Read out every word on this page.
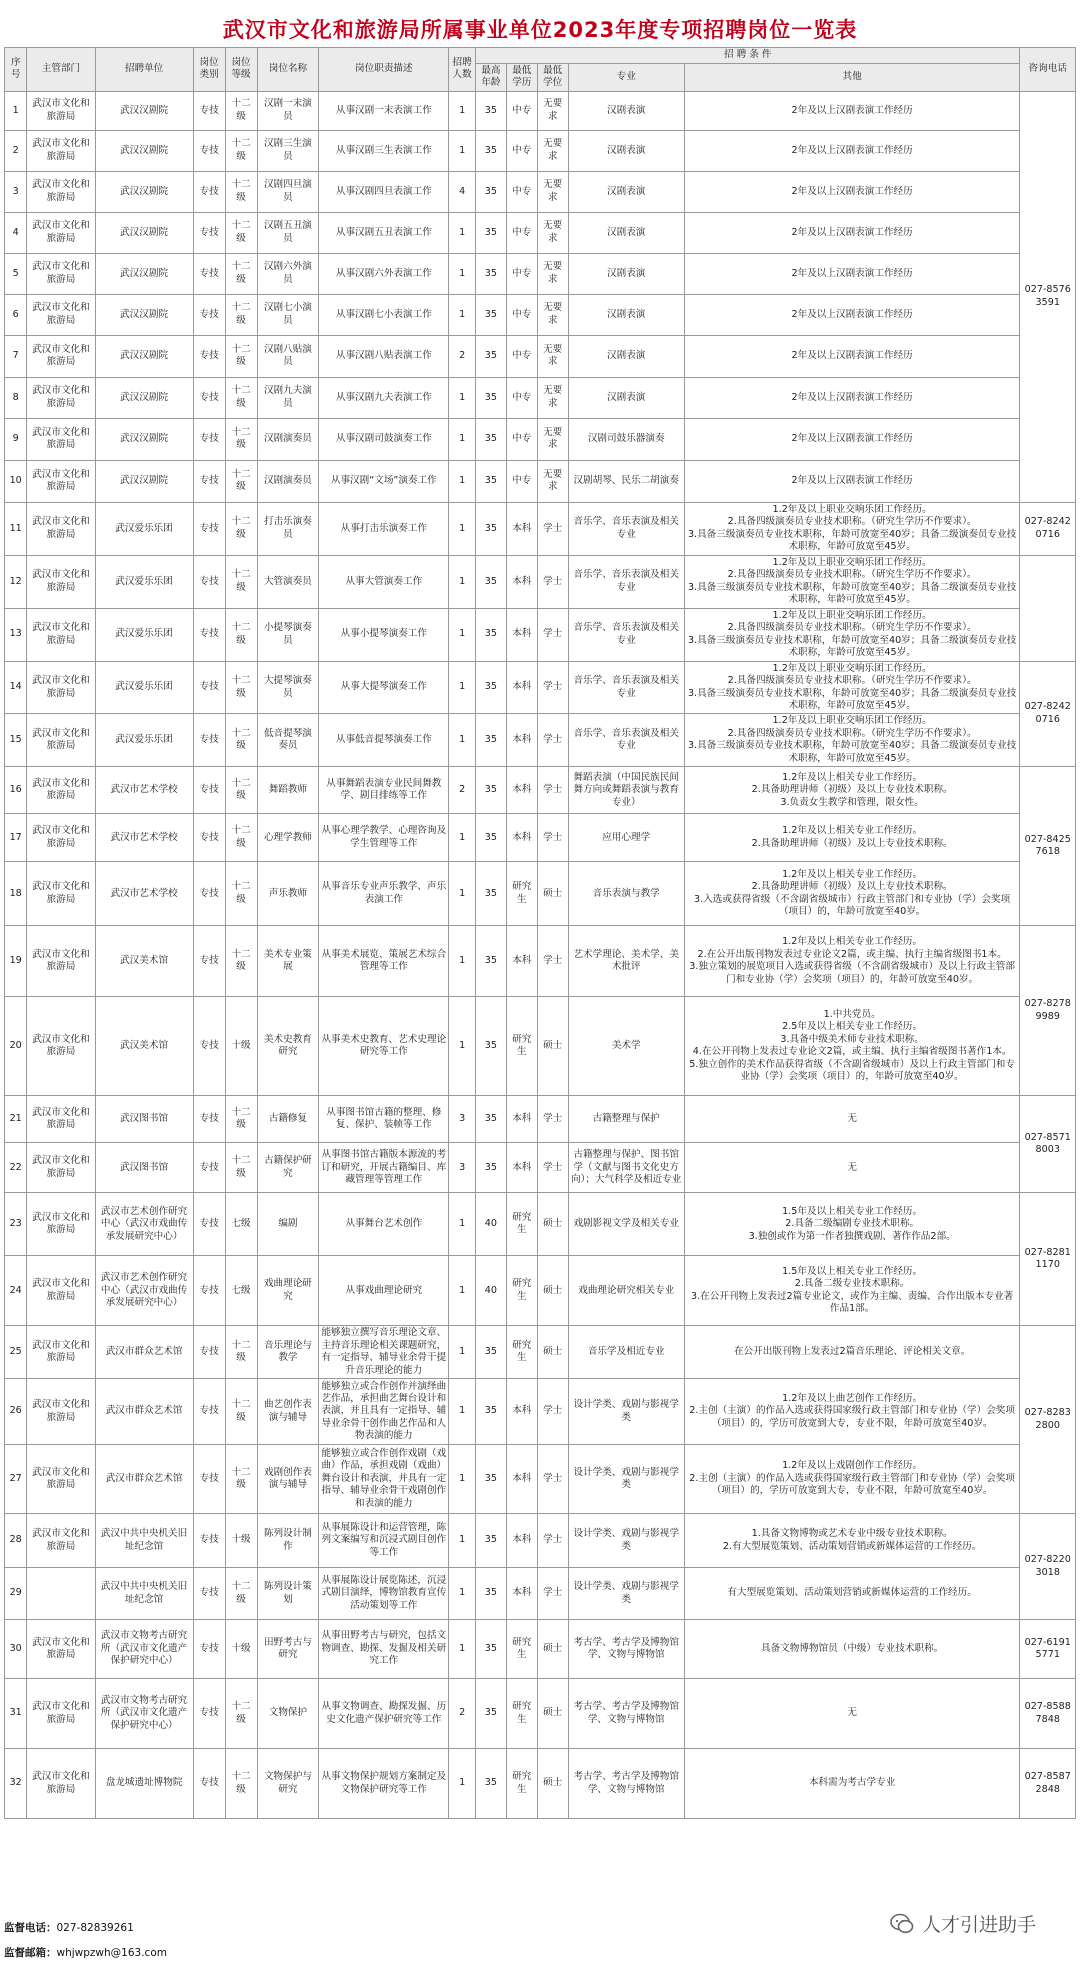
武汉市文化和旅游局所属事业单位2023年度专项招聘岗位一览表
序号	主管部门	招聘单位	岗位类别	岗位等级	岗位名称	岗位职责描述	招聘人数	招 聘 条 件					咨询电话
								最高年龄	最低学历	最低学位	专业	其他	
1	武汉市文化和旅游局	武汉汉剧院	专技	十二级	汉剧一末演员	从事汉剧一末表演工作	1	35	中专	无要求	汉剧表演	2年及以上汉剧表演工作经历	027-85763591
2	武汉市文化和旅游局	武汉汉剧院	专技	十二级	汉剧三生演员	从事汉剧三生表演工作	1	35	中专	无要求	汉剧表演	2年及以上汉剧表演工作经历	
3	武汉市文化和旅游局	武汉汉剧院	专技	十二级	汉剧四旦演员	从事汉剧四旦表演工作	4	35	中专	无要求	汉剧表演	2年及以上汉剧表演工作经历	
4	武汉市文化和旅游局	武汉汉剧院	专技	十二级	汉剧五丑演员	从事汉剧五丑表演工作	1	35	中专	无要求	汉剧表演	2年及以上汉剧表演工作经历	
5	武汉市文化和旅游局	武汉汉剧院	专技	十二级	汉剧六外演员	从事汉剧六外表演工作	1	35	中专	无要求	汉剧表演	2年及以上汉剧表演工作经历	
6	武汉市文化和旅游局	武汉汉剧院	专技	十二级	汉剧七小演员	从事汉剧七小表演工作	1	35	中专	无要求	汉剧表演	2年及以上汉剧表演工作经历	
7	武汉市文化和旅游局	武汉汉剧院	专技	十二级	汉剧八贴演员	从事汉剧八贴表演工作	2	35	中专	无要求	汉剧表演	2年及以上汉剧表演工作经历	
8	武汉市文化和旅游局	武汉汉剧院	专技	十二级	汉剧九夫演员	从事汉剧九夫表演工作	1	35	中专	无要求	汉剧表演	2年及以上汉剧表演工作经历	
9	武汉市文化和旅游局	武汉汉剧院	专技	十二级	汉剧演奏员	从事汉剧司鼓演奏工作	1	35	中专	无要求	汉剧司鼓乐器演奏	2年及以上汉剧表演工作经历	
10	武汉市文化和旅游局	武汉汉剧院	专技	十二级	汉剧演奏员	从事汉剧“文场”演奏工作	1	35	中专	无要求	汉剧胡琴、民乐二胡演奏	2年及以上汉剧表演工作经历	
11	武汉市文化和旅游局	武汉爱乐乐团	专技	十二级	打击乐演奏员	从事打击乐演奏工作	1	35	本科	学士	音乐学、音乐表演及相关专业	1.2年及以上职业交响乐团工作经历。
2.具备四级演奏员专业技术职称。（研究生学历不作要求）。
3.具备三级演奏员专业技术职称，年龄可放宽至40岁；具备二级演奏员专业技术职称，年龄可放宽至45岁。	027-82420716
12	武汉市文化和旅游局	武汉爱乐乐团	专技	十二级	大管演奏员	从事大管演奏工作	1	35	本科	学士	音乐学、音乐表演及相关专业	1.2年及以上职业交响乐团工作经历。
2.具备四级演奏员专业技术职称。（研究生学历不作要求）。
3.具备三级演奏员专业技术职称，年龄可放宽至40岁；具备二级演奏员专业技术职称，年龄可放宽至45岁。	
13	武汉市文化和旅游局	武汉爱乐乐团	专技	十二级	小提琴演奏员	从事小提琴演奏工作	1	35	本科	学士	音乐学、音乐表演及相关专业	1.2年及以上职业交响乐团工作经历。
2.具备四级演奏员专业技术职称。（研究生学历不作要求）。
3.具备三级演奏员专业技术职称，年龄可放宽至40岁；具备二级演奏员专业技术职称，年龄可放宽至45岁。	
14	武汉市文化和旅游局	武汉爱乐乐团	专技	十二级	大提琴演奏员	从事大提琴演奏工作	1	35	本科	学士	音乐学、音乐表演及相关专业	1.2年及以上职业交响乐团工作经历。
2.具备四级演奏员专业技术职称。（研究生学历不作要求）。
3.具备三级演奏员专业技术职称，年龄可放宽至40岁；具备二级演奏员专业技术职称，年龄可放宽至45岁。	027-82420716
15	武汉市文化和旅游局	武汉爱乐乐团	专技	十二级	低音提琴演奏员	从事低音提琴演奏工作	1	35	本科	学士	音乐学、音乐表演及相关专业	1.2年及以上职业交响乐团工作经历。
2.具备四级演奏员专业技术职称。（研究生学历不作要求）。
3.具备三级演奏员专业技术职称，年龄可放宽至40岁；具备二级演奏员专业技术职称，年龄可放宽至45岁。	
16	武汉市文化和旅游局	武汉市艺术学校	专技	十二级	舞蹈教师	从事舞蹈表演专业民间舞教学、剧目排练等工作	2	35	本科	学士	舞蹈表演（中国民族民间舞方向或舞蹈表演与教育专业）	1.2年及以上相关专业工作经历。
2.具备助理讲师（初级）及以上专业技术职称。
3.负责女生教学和管理，限女性。	027-84257618
17	武汉市文化和旅游局	武汉市艺术学校	专技	十二级	心理学教师	从事心理学教学、心理咨询及学生管理等工作	1	35	本科	学士	应用心理学	1.2年及以上相关专业工作经历。
2.具备助理讲师（初级）及以上专业技术职称。	
18	武汉市文化和旅游局	武汉市艺术学校	专技	十二级	声乐教师	从事音乐专业声乐教学、声乐表演工作	1	35	研究生	硕士	音乐表演与教学	1.2年及以上相关专业工作经历。
2.具备助理讲师（初级）及以上专业技术职称。
3.入选或获得省级（不含副省级城市）行政主管部门和专业协（学）会奖项（项目）的，年龄可放宽至40岁。	
19	武汉市文化和旅游局	武汉美术馆	专技	十二级	美术专业策展	从事美术展览、策展艺术综合管理等工作	1	35	本科	学士	艺术学理论、美术学、美术批评	1.2年及以上相关专业工作经历。
2.在公开出版刊物发表过专业论文2篇，或主编、执行主编省级图书1本。
3.独立策划的展览项目入选或获得省级（不含副省级城市）及以上行政主管部门和专业协（学）会奖项（项目）的，年龄可放宽至40岁。	027-82789989
20	武汉市文化和旅游局	武汉美术馆	专技	十级	美术史教育研究	从事美术史教育、艺术史理论研究等工作	1	35	研究生	硕士	美术学	1.中共党员。
2.5年及以上相关专业工作经历。
3.具备中级美术师专业技术职称。
4.在公开刊物上发表过专业论文2篇，或主编、执行主编省级图书著作1本。
5.独立创作的美术作品获得省级（不含副省级城市）及以上行政主管部门和专业协（学）会奖项（项目）的，年龄可放宽至40岁。	
21	武汉市文化和旅游局	武汉图书馆	专技	十二级	古籍修复	从事图书馆古籍的整理、修复、保护、装帧等工作	3	35	本科	学士	古籍整理与保护	无	027-85718003
22	武汉市文化和旅游局	武汉图书馆	专技	十二级	古籍保护研究	从事图书馆古籍版本源流的考订和研究，开展古籍编目、库藏管理等管理工作	3	35	本科	学士	古籍整理与保护、图书馆学（文献与图书文化史方向）；大气科学及相近专业	无	
23	武汉市文化和旅游局	武汉市艺术创作研究中心（武汉市戏曲传承发展研究中心）	专技	七级	编剧	从事舞台艺术创作	1	40	研究生	硕士	戏剧影视文学及相关专业	1.5年及以上相关专业工作经历。
2.具备二级编剧专业技术职称。
3.独创或作为第一作者独撰戏剧、著作作品2部。	027-82811170
24	武汉市文化和旅游局	武汉市艺术创作研究中心（武汉市戏曲传承发展研究中心）	专技	七级	戏曲理论研究	从事戏曲理论研究	1	40	研究生	硕士	戏曲理论研究相关专业	1.5年及以上相关专业工作经历。
2.具备二级专业技术职称。
3.在公开刊物上发表过2篇专业论文，或作为主编、责编、合作出版本专业著作品1部。	
25	武汉市文化和旅游局	武汉市群众艺术馆	专技	十二级	音乐理论与教学	能够独立撰写音乐理论文章、主持音乐理论相关课题研究，有一定指导、辅导业余骨干提升音乐理论的能力	1	35	研究生	硕士	音乐学及相近专业	在公开出版刊物上发表过2篇音乐理论、评论相关文章。	027-82832800
26	武汉市文化和旅游局	武汉市群众艺术馆	专技	十二级	曲艺创作表演与辅导	能够独立或合作创作并演绎曲艺作品，承担曲艺舞台设计和表演，并且具有一定指导、辅导业余骨干创作曲艺作品和人物表演的能力	1	35	本科	学士	设计学类、戏剧与影视学类	1.2年及以上曲艺创作工作经历。
2.主创（主演）的作品入选或获得国家级行政主管部门和专业协（学）会奖项（项目）的，学历可放宽到大专，专业不限，年龄可放宽至40岁。	
27	武汉市文化和旅游局	武汉市群众艺术馆	专技	十二级	戏剧创作表演与辅导	能够独立或合作创作戏剧（戏曲）作品，承担戏剧（戏曲）舞台设计和表演，并具有一定指导、辅导业余骨干戏剧创作和表演的能力	1	35	本科	学士	设计学类、戏剧与影视学类	1.2年及以上戏剧创作工作经历。
2.主创（主演）的作品入选或获得国家级行政主管部门和专业协（学）会奖项（项目）的，学历可放宽到大专，专业不限，年龄可放宽至40岁。	
28	武汉市文化和旅游局	武汉中共中央机关旧址纪念馆	专技	十级	陈列设计制作	从事展陈设计和运营管理，陈列文案编写和沉浸式剧目创作等工作	1	35	本科	学士	设计学类、戏剧与影视学类	1.具备文物博物或艺术专业中级专业技术职称。
2.有大型展览策划、活动策划营销或新媒体运营的工作经历。	027-82203018
29		武汉中共中央机关旧址纪念馆	专技	十二级	陈列设计策划	从事展陈设计展览陈述，沉浸式剧目演绎，博物馆教育宣传活动策划等工作	1	35	本科	学士	设计学类、戏剧与影视学类	有大型展览策划、活动策划营销或新媒体运营的工作经历。	
30	武汉市文化和旅游局	武汉市文物考古研究所（武汉市文化遗产保护研究中心）	专技	十级	田野考古与研究	从事田野考古与研究，包括文物调查、勘探、发掘及相关研究工作	1	35	研究生	硕士	考古学、考古学及博物馆学、文物与博物馆	具备文物博物馆员（中级）专业技术职称。	027-61915771
31	武汉市文化和旅游局	武汉市文物考古研究所（武汉市文化遗产保护研究中心）	专技	十二级	文物保护	从事文物调查、勘探发掘、历史文化遗产保护研究等工作	2	35	研究生	硕士	考古学、考古学及博物馆学、文物与博物馆	无	027-85887848
32	武汉市文化和旅游局	盘龙城遗址博物院	专技	十二级	文物保护与研究	从事文物保护规划方案制定及文物保护研究等工作	1	35	研究生	硕士	考古学、考古学及博物馆学、文物与博物馆	本科需为考古学专业	027-85872848
监督电话：027-82839261
监督邮箱：whjwpzwh@163.com
人才引进助手
